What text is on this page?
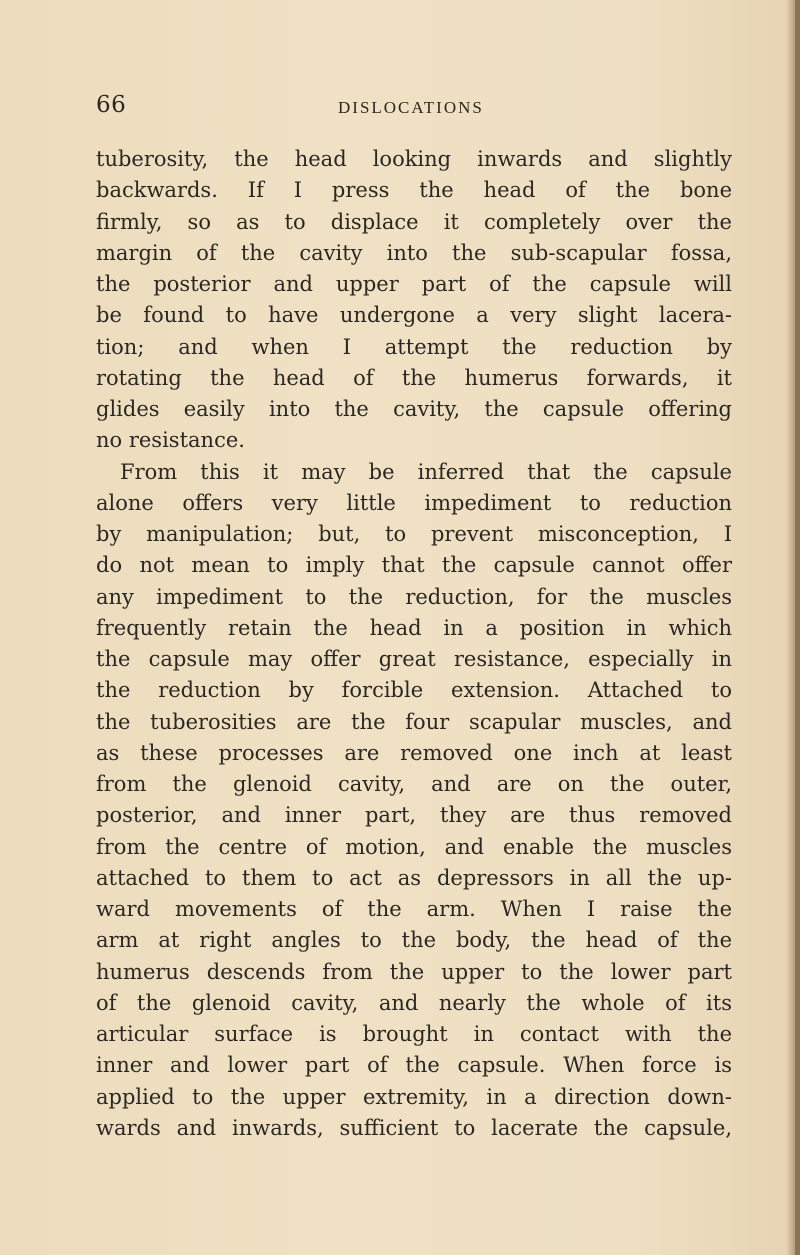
66	DISLOCATIONS
tuberosity, the head looking inwards and slightly
backwards. If I press the head of the bone
firmly, so as to displace it completely over the
margin of the cavity into the sub-scapular fossa,
the posterior and upper part of the capsule will
be found to have undergone a very slight lacera-
tion; and when I attempt the reduction by
rotating the head of the humerus forwards, it
glides easily into the cavity, the capsule offering
no resistance.
From this it may be inferred that the capsule
alone offers very little impediment to reduction
by manipulation; but, to prevent misconception, I
do not mean to imply that the capsule cannot offer
any impediment to the reduction, for the muscles
frequently retain the head in a position in which
the capsule may offer great resistance, especially in
the reduction by forcible extension. Attached to
the tuberosities are the four scapular muscles, and
as these processes are removed one inch at least
from the glenoid cavity, and are on the outer,
posterior, and inner part, they are thus removed
from the centre of motion, and enable the muscles
attached to them to act as depressors in all the up-
ward movements of the arm. When I raise the
arm at right angles to the body, the head of the
humerus descends from the upper to the lower part
of the glenoid cavity, and nearly the whole of its
articular surface is brought in contact with the
inner and lower part of the capsule. When force is
applied to the upper extremity, in a direction down-
wards and inwards, sufficient to lacerate the capsule,
